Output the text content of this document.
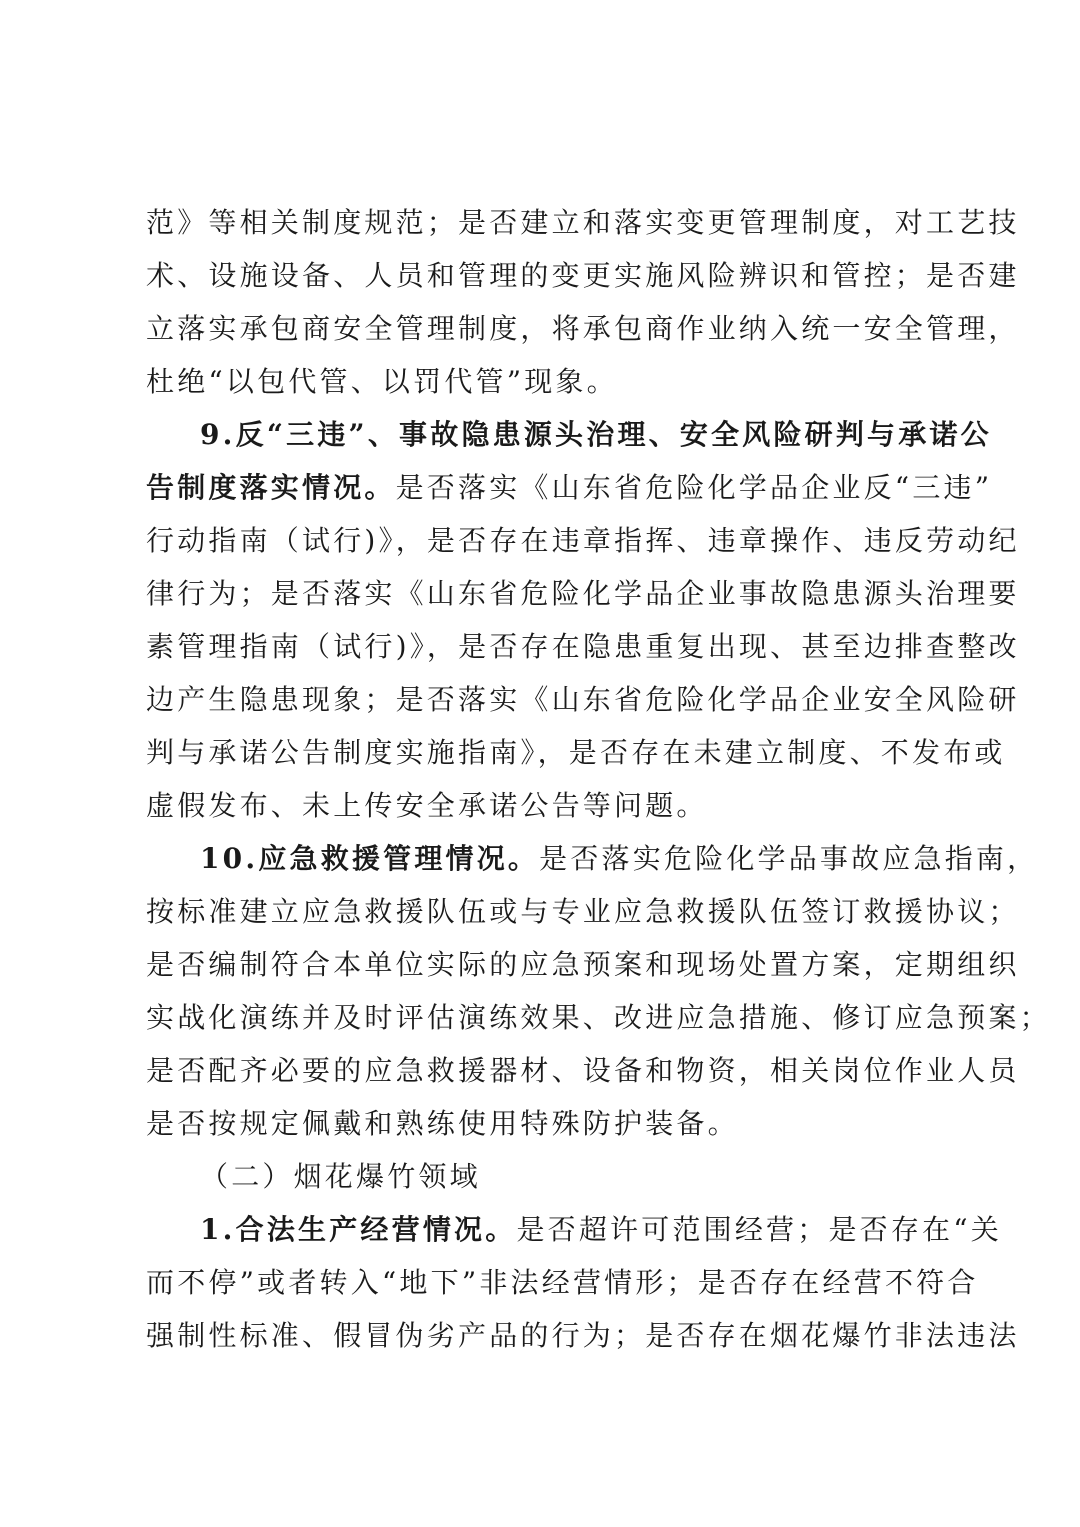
范》等相关制度规范；是否建立和落实变更管理制度，对工艺技
术、设施设备、人员和管理的变更实施风险辨识和管控；是否建
立落实承包商安全管理制度，将承包商作业纳入统一安全管理，
杜绝“以包代管、以罚代管”现象。
9.反“三违”、事故隐患源头治理、安全风险研判与承诺公
告制度落实情况。是否落实《山东省危险化学品企业反“三违”
行动指南（试行)》，是否存在违章指挥、违章操作、违反劳动纪
律行为；是否落实《山东省危险化学品企业事故隐患源头治理要
素管理指南（试行)》，是否存在隐患重复出现、甚至边排查整改
边产生隐患现象；是否落实《山东省危险化学品企业安全风险研
判与承诺公告制度实施指南》，是否存在未建立制度、不发布或
虚假发布、未上传安全承诺公告等问题。
10.应急救援管理情况。是否落实危险化学品事故应急指南，
按标准建立应急救援队伍或与专业应急救援队伍签订救援协议；
是否编制符合本单位实际的应急预案和现场处置方案，定期组织
实战化演练并及时评估演练效果、改进应急措施、修订应急预案；
是否配齐必要的应急救援器材、设备和物资，相关岗位作业人员
是否按规定佩戴和熟练使用特殊防护装备。
（二）烟花爆竹领域
1.合法生产经营情况。是否超许可范围经营；是否存在“关
而不停”或者转入“地下”非法经营情形；是否存在经营不符合
强制性标准、假冒伪劣产品的行为；是否存在烟花爆竹非法违法
